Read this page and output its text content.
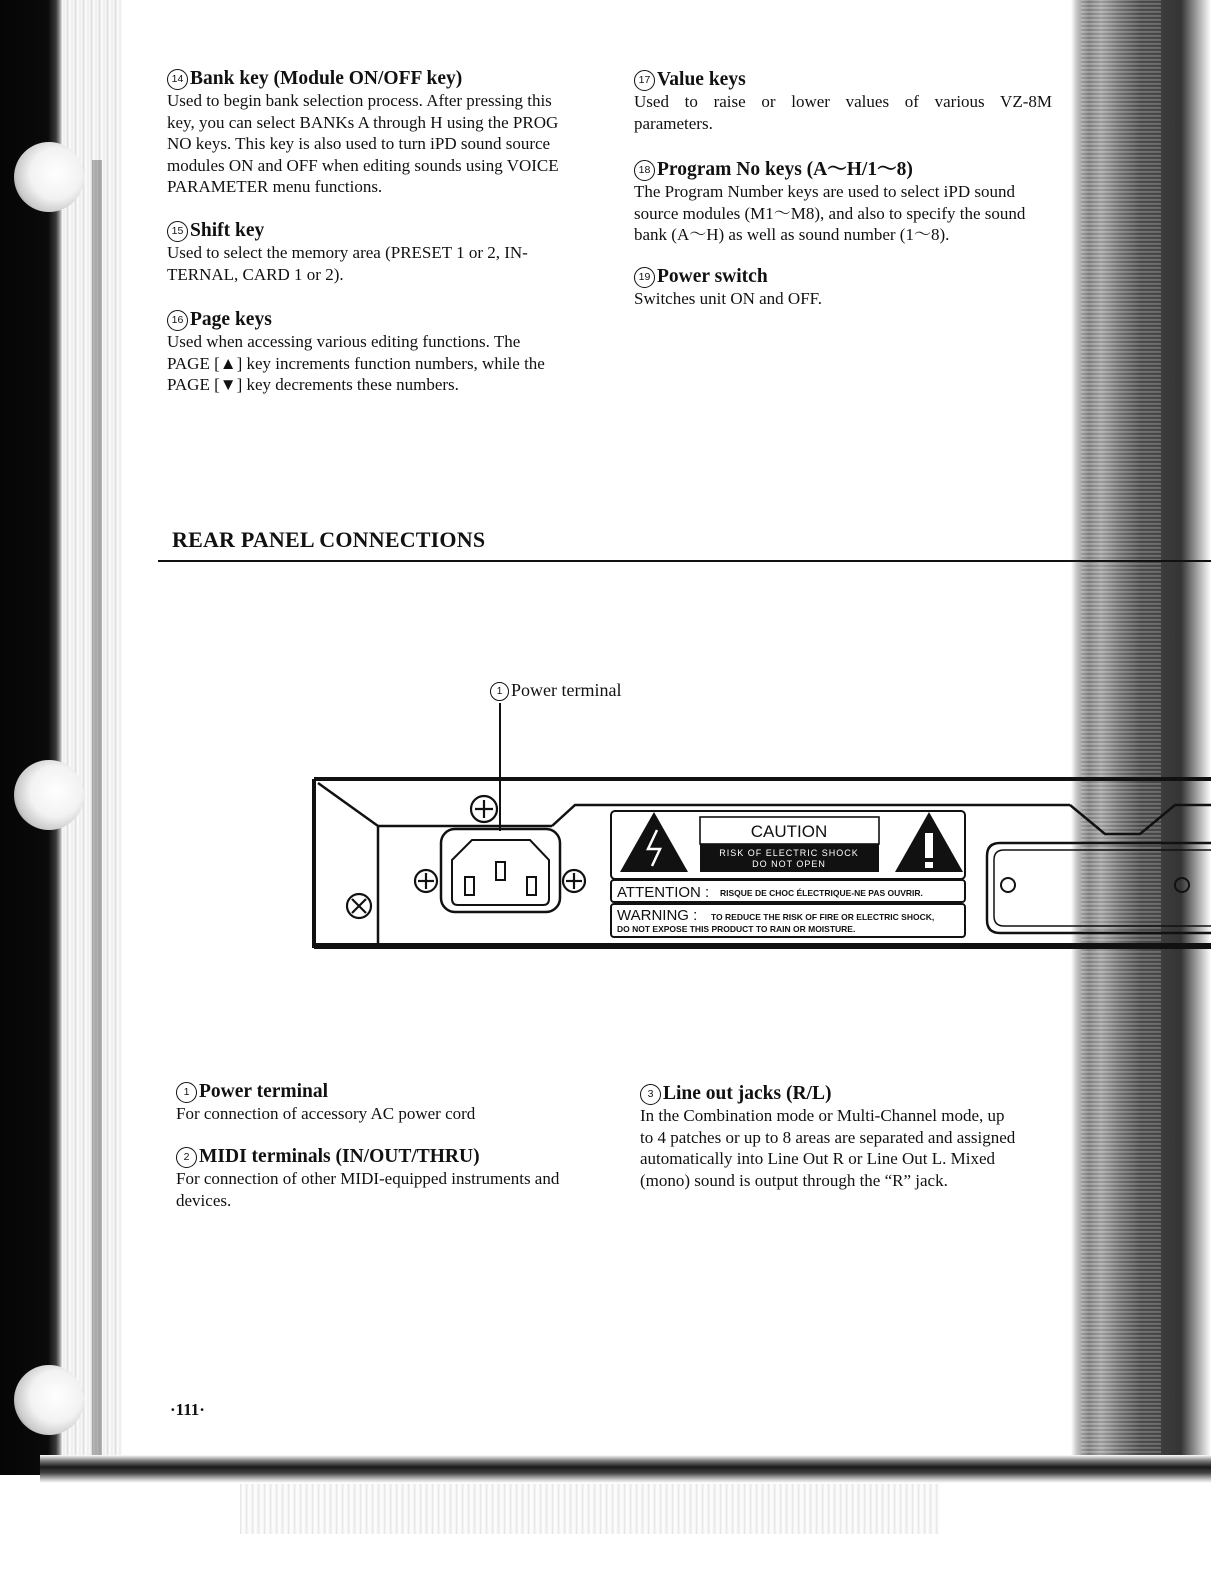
14 Bank key (Module ON/OFF key)

Used to begin bank selection process. After pressing this
key, you can select BANKs A through H using the PROG
NO keys. This key is also used to turn iPD sound source
modules ON and OFF when editing sounds using VOICE
PARAMETER menu functions.

15 Shift key

Used to select the memory area (PRESET 1 or 2, IN-
TERNAL, CARD 1 or 2).

16 Page keys

Used when accessing various editing functions. The
PAGE [▲] key increments function numbers, while the
PAGE [▼] key decrements these numbers.

17 Value keys

Used to raise or lower values of various VZ-8M
parameters.

18 Program No keys (A～H/1～8)

The Program Number keys are used to select iPD sound
source modules (M1～M8), and also to specify the sound
bank (A～H) as well as sound number (1～8).

19 Power switch

Switches unit ON and OFF.

REAR PANEL CONNECTIONS

1 Power terminal

CAUTION
RISK OF ELECTRIC SHOCK
DO NOT OPEN
ATTENTION : RISQUE DE CHOC ÉLECTRIQUE-NE PAS OUVRIR.
WARNING : TO REDUCE THE RISK OF FIRE OR ELECTRIC SHOCK,
DO NOT EXPOSE THIS PRODUCT TO RAIN OR MOISTURE.

1 Power terminal

For connection of accessory AC power cord

2 MIDI terminals (IN/OUT/THRU)

For connection of other MIDI-equipped instruments and
devices.

3 Line out jacks (R/L)

In the Combination mode or Multi-Channel mode, up
to 4 patches or up to 8 areas are separated and assigned
automatically into Line Out R or Line Out L. Mixed
(mono) sound is output through the “R” jack.

·111·
